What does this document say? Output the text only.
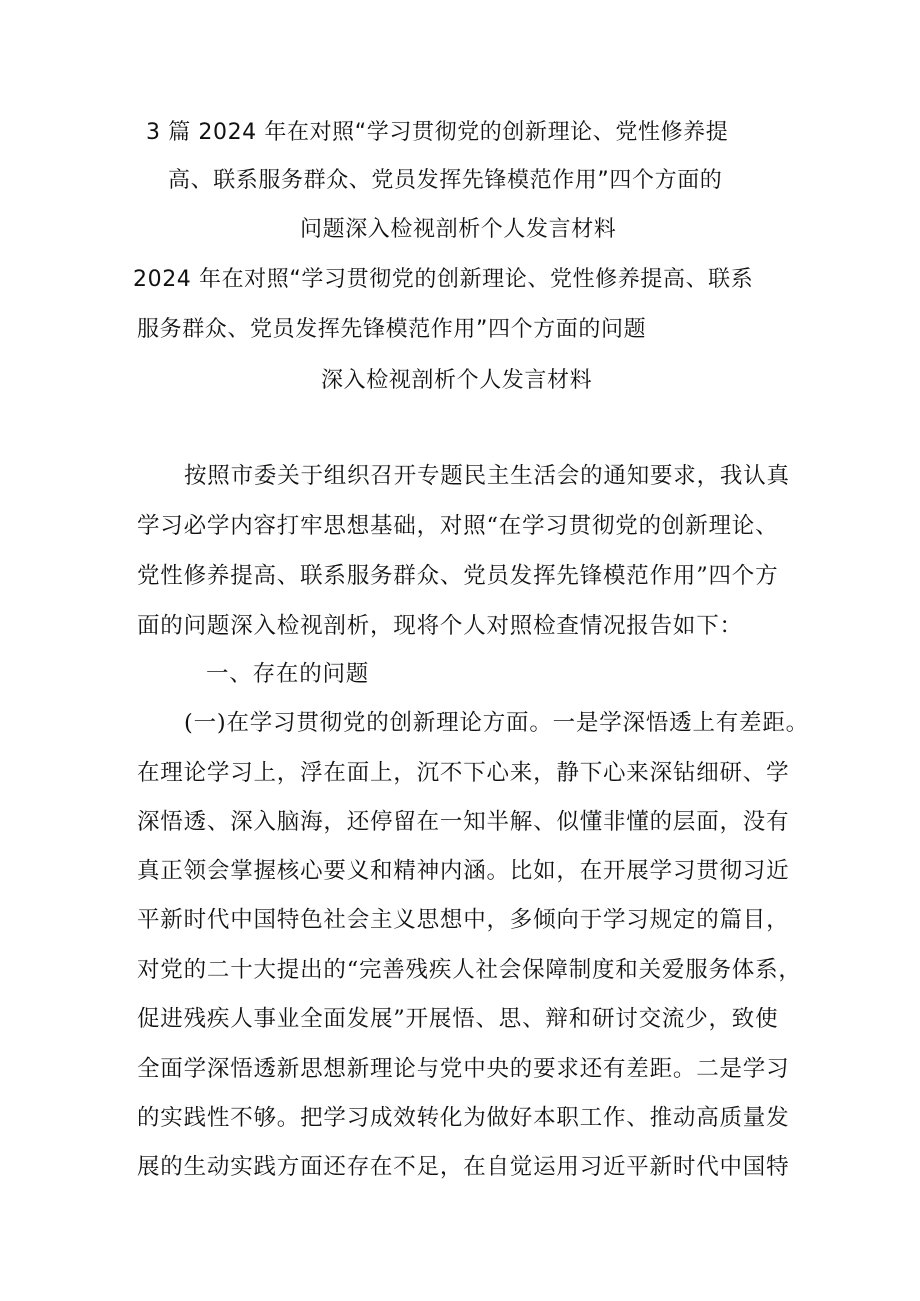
3 篇 2024 年在对照“学习贯彻党的创新理论、党性修养提
高、联系服务群众、党员发挥先锋模范作用”四个方面的
问题深入检视剖析个人发言材料
2024 年在对照“学习贯彻党的创新理论、党性修养提高、联系
服务群众、党员发挥先锋模范作用”四个方面的问题
深入检视剖析个人发言材料
按照市委关于组织召开专题民主生活会的通知要求，我认真
学习必学内容打牢思想基础，对照“在学习贯彻党的创新理论、
党性修养提高、联系服务群众、党员发挥先锋模范作用”四个方
面的问题深入检视剖析，现将个人对照检查情况报告如下：
一、存在的问题
(一)在学习贯彻党的创新理论方面。一是学深悟透上有差距。
在理论学习上，浮在面上，沉不下心来，静下心来深钻细研、学
深悟透、深入脑海，还停留在一知半解、似懂非懂的层面，没有
真正领会掌握核心要义和精神内涵。比如，在开展学习贯彻习近
平新时代中国特色社会主义思想中，多倾向于学习规定的篇目，
对党的二十大提出的“完善残疾人社会保障制度和关爱服务体系，
促进残疾人事业全面发展”开展悟、思、辩和研讨交流少，致使
全面学深悟透新思想新理论与党中央的要求还有差距。二是学习
的实践性不够。把学习成效转化为做好本职工作、推动高质量发
展的生动实践方面还存在不足，在自觉运用习近平新时代中国特
